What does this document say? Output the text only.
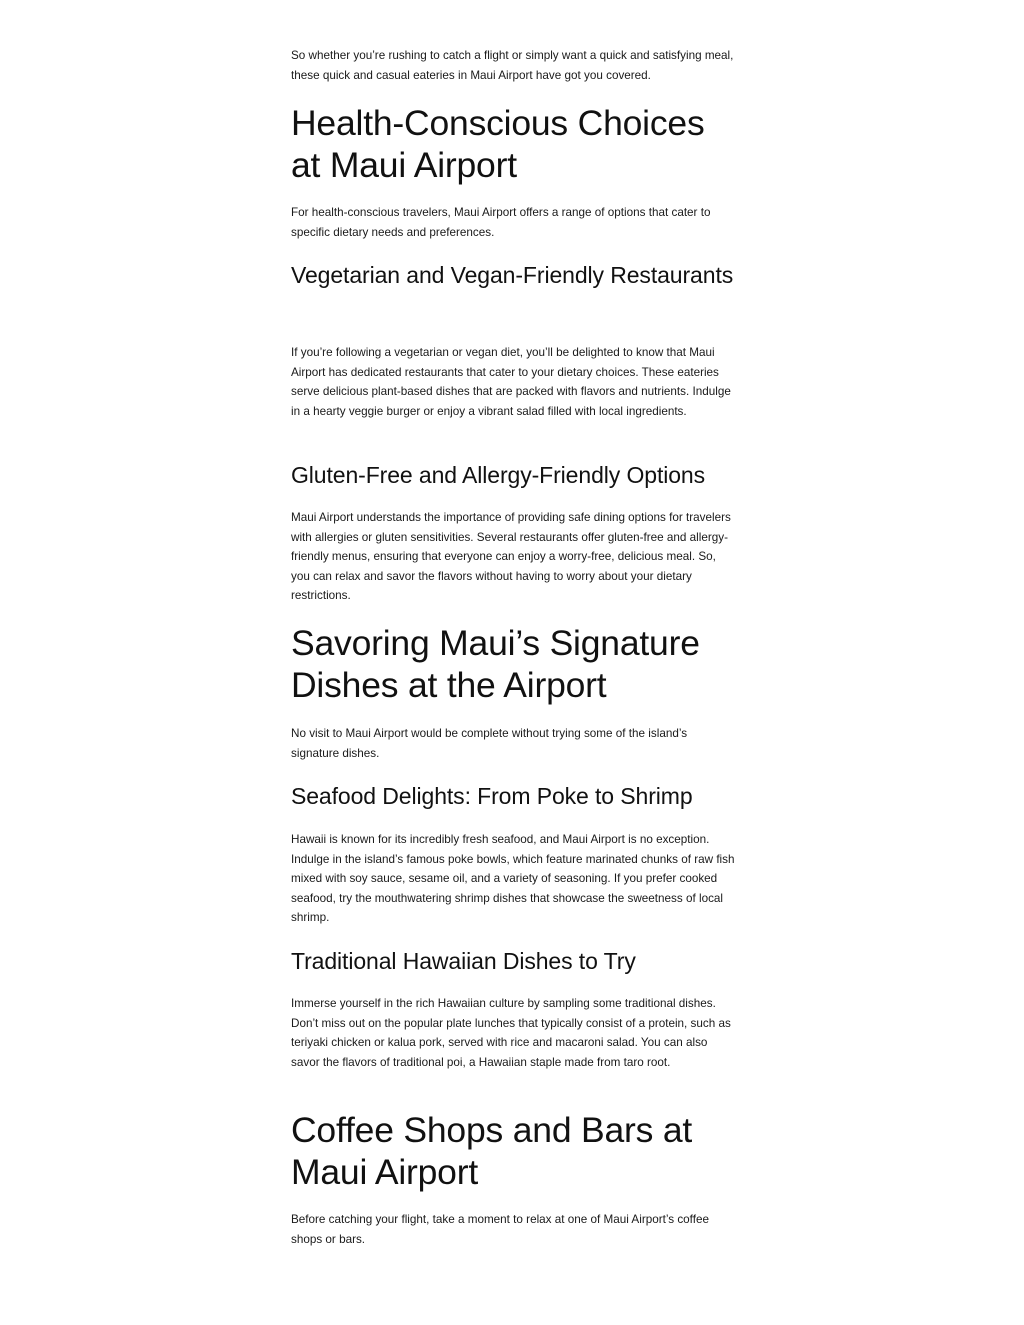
So whether you’re rushing to catch a flight or simply want a quick and satisfying meal, these quick and casual eateries in Maui Airport have got you covered.

Health-Conscious Choices at Maui Airport

For health-conscious travelers, Maui Airport offers a range of options that cater to specific dietary needs and preferences.

Vegetarian and Vegan-Friendly Restaurants

If you’re following a vegetarian or vegan diet, you’ll be delighted to know that Maui Airport has dedicated restaurants that cater to your dietary choices. These eateries serve delicious plant-based dishes that are packed with flavors and nutrients. Indulge in a hearty veggie burger or enjoy a vibrant salad filled with local ingredients.

Gluten-Free and Allergy-Friendly Options

Maui Airport understands the importance of providing safe dining options for travelers with allergies or gluten sensitivities. Several restaurants offer gluten-free and allergy-friendly menus, ensuring that everyone can enjoy a worry-free, delicious meal. So, you can relax and savor the flavors without having to worry about your dietary restrictions.

Savoring Maui’s Signature Dishes at the Airport

No visit to Maui Airport would be complete without trying some of the island’s signature dishes.

Seafood Delights: From Poke to Shrimp

Hawaii is known for its incredibly fresh seafood, and Maui Airport is no exception. Indulge in the island’s famous poke bowls, which feature marinated chunks of raw fish mixed with soy sauce, sesame oil, and a variety of seasoning. If you prefer cooked seafood, try the mouthwatering shrimp dishes that showcase the sweetness of local shrimp.

Traditional Hawaiian Dishes to Try

Immerse yourself in the rich Hawaiian culture by sampling some traditional dishes. Don’t miss out on the popular plate lunches that typically consist of a protein, such as teriyaki chicken or kalua pork, served with rice and macaroni salad. You can also savor the flavors of traditional poi, a Hawaiian staple made from taro root.

Coffee Shops and Bars at Maui Airport

Before catching your flight, take a moment to relax at one of Maui Airport’s coffee shops or bars.
